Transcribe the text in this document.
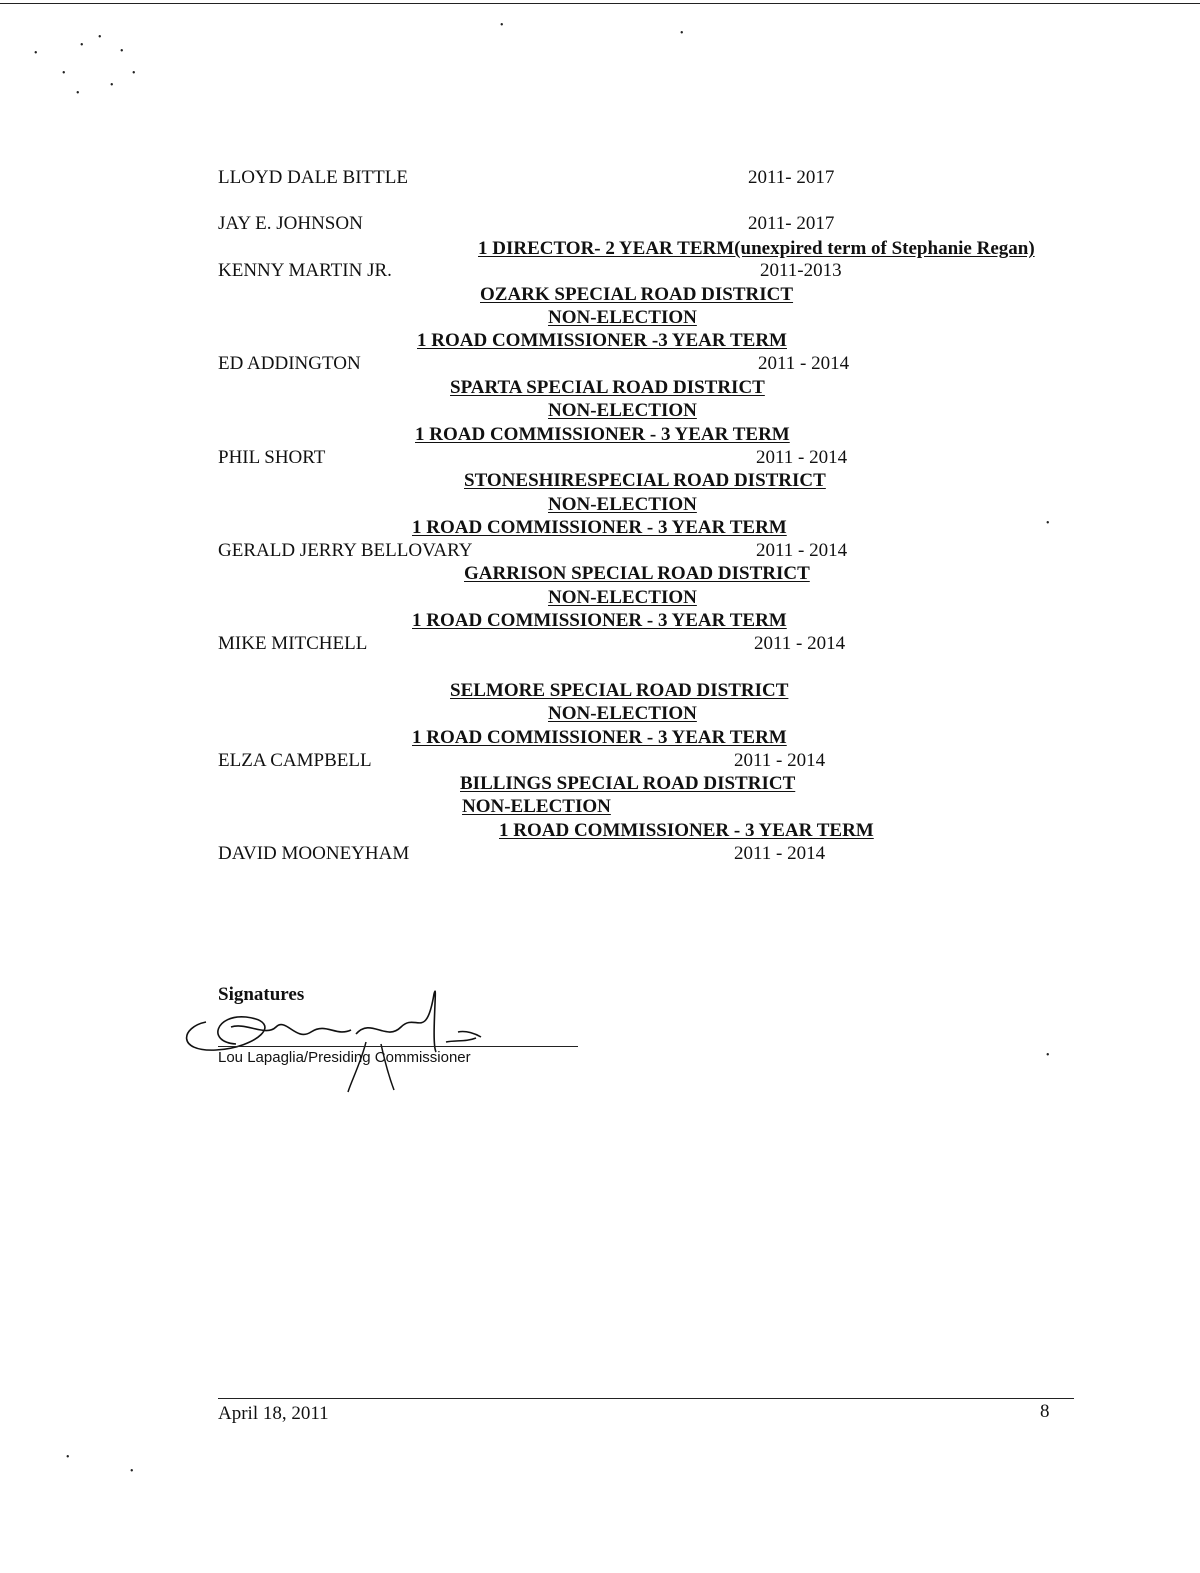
•
•
•
•
•	•
•
•
•
•
•
•
•
•
LLOYD DALE BITTLE	2011- 2017
JAY E. JOHNSON	2011- 2017
1 DIRECTOR- 2 YEAR TERM(unexpired term of Stephanie Regan)
KENNY MARTIN JR.	2011-2013
OZARK SPECIAL ROAD DISTRICT
NON-ELECTION
1 ROAD COMMISSIONER -3 YEAR TERM
ED ADDINGTON	2011 - 2014
SPARTA SPECIAL ROAD DISTRICT
NON-ELECTION
1 ROAD COMMISSIONER - 3 YEAR TERM
PHIL SHORT	2011 - 2014
STONESHIRESPECIAL ROAD DISTRICT
NON-ELECTION
1 ROAD COMMISSIONER - 3 YEAR TERM
GERALD JERRY BELLOVARY	2011 - 2014
GARRISON SPECIAL ROAD DISTRICT
NON-ELECTION
1 ROAD COMMISSIONER - 3 YEAR TERM
MIKE MITCHELL	2011 - 2014
SELMORE SPECIAL ROAD DISTRICT
NON-ELECTION
1 ROAD COMMISSIONER - 3 YEAR TERM
ELZA CAMPBELL	2011 - 2014
BILLINGS SPECIAL ROAD DISTRICT
NON-ELECTION
1 ROAD COMMISSIONER - 3 YEAR TERM
DAVID MOONEYHAM	2011 - 2014
Signatures
Lou Lapaglia/Presiding Commissioner
April 18, 2011	8
